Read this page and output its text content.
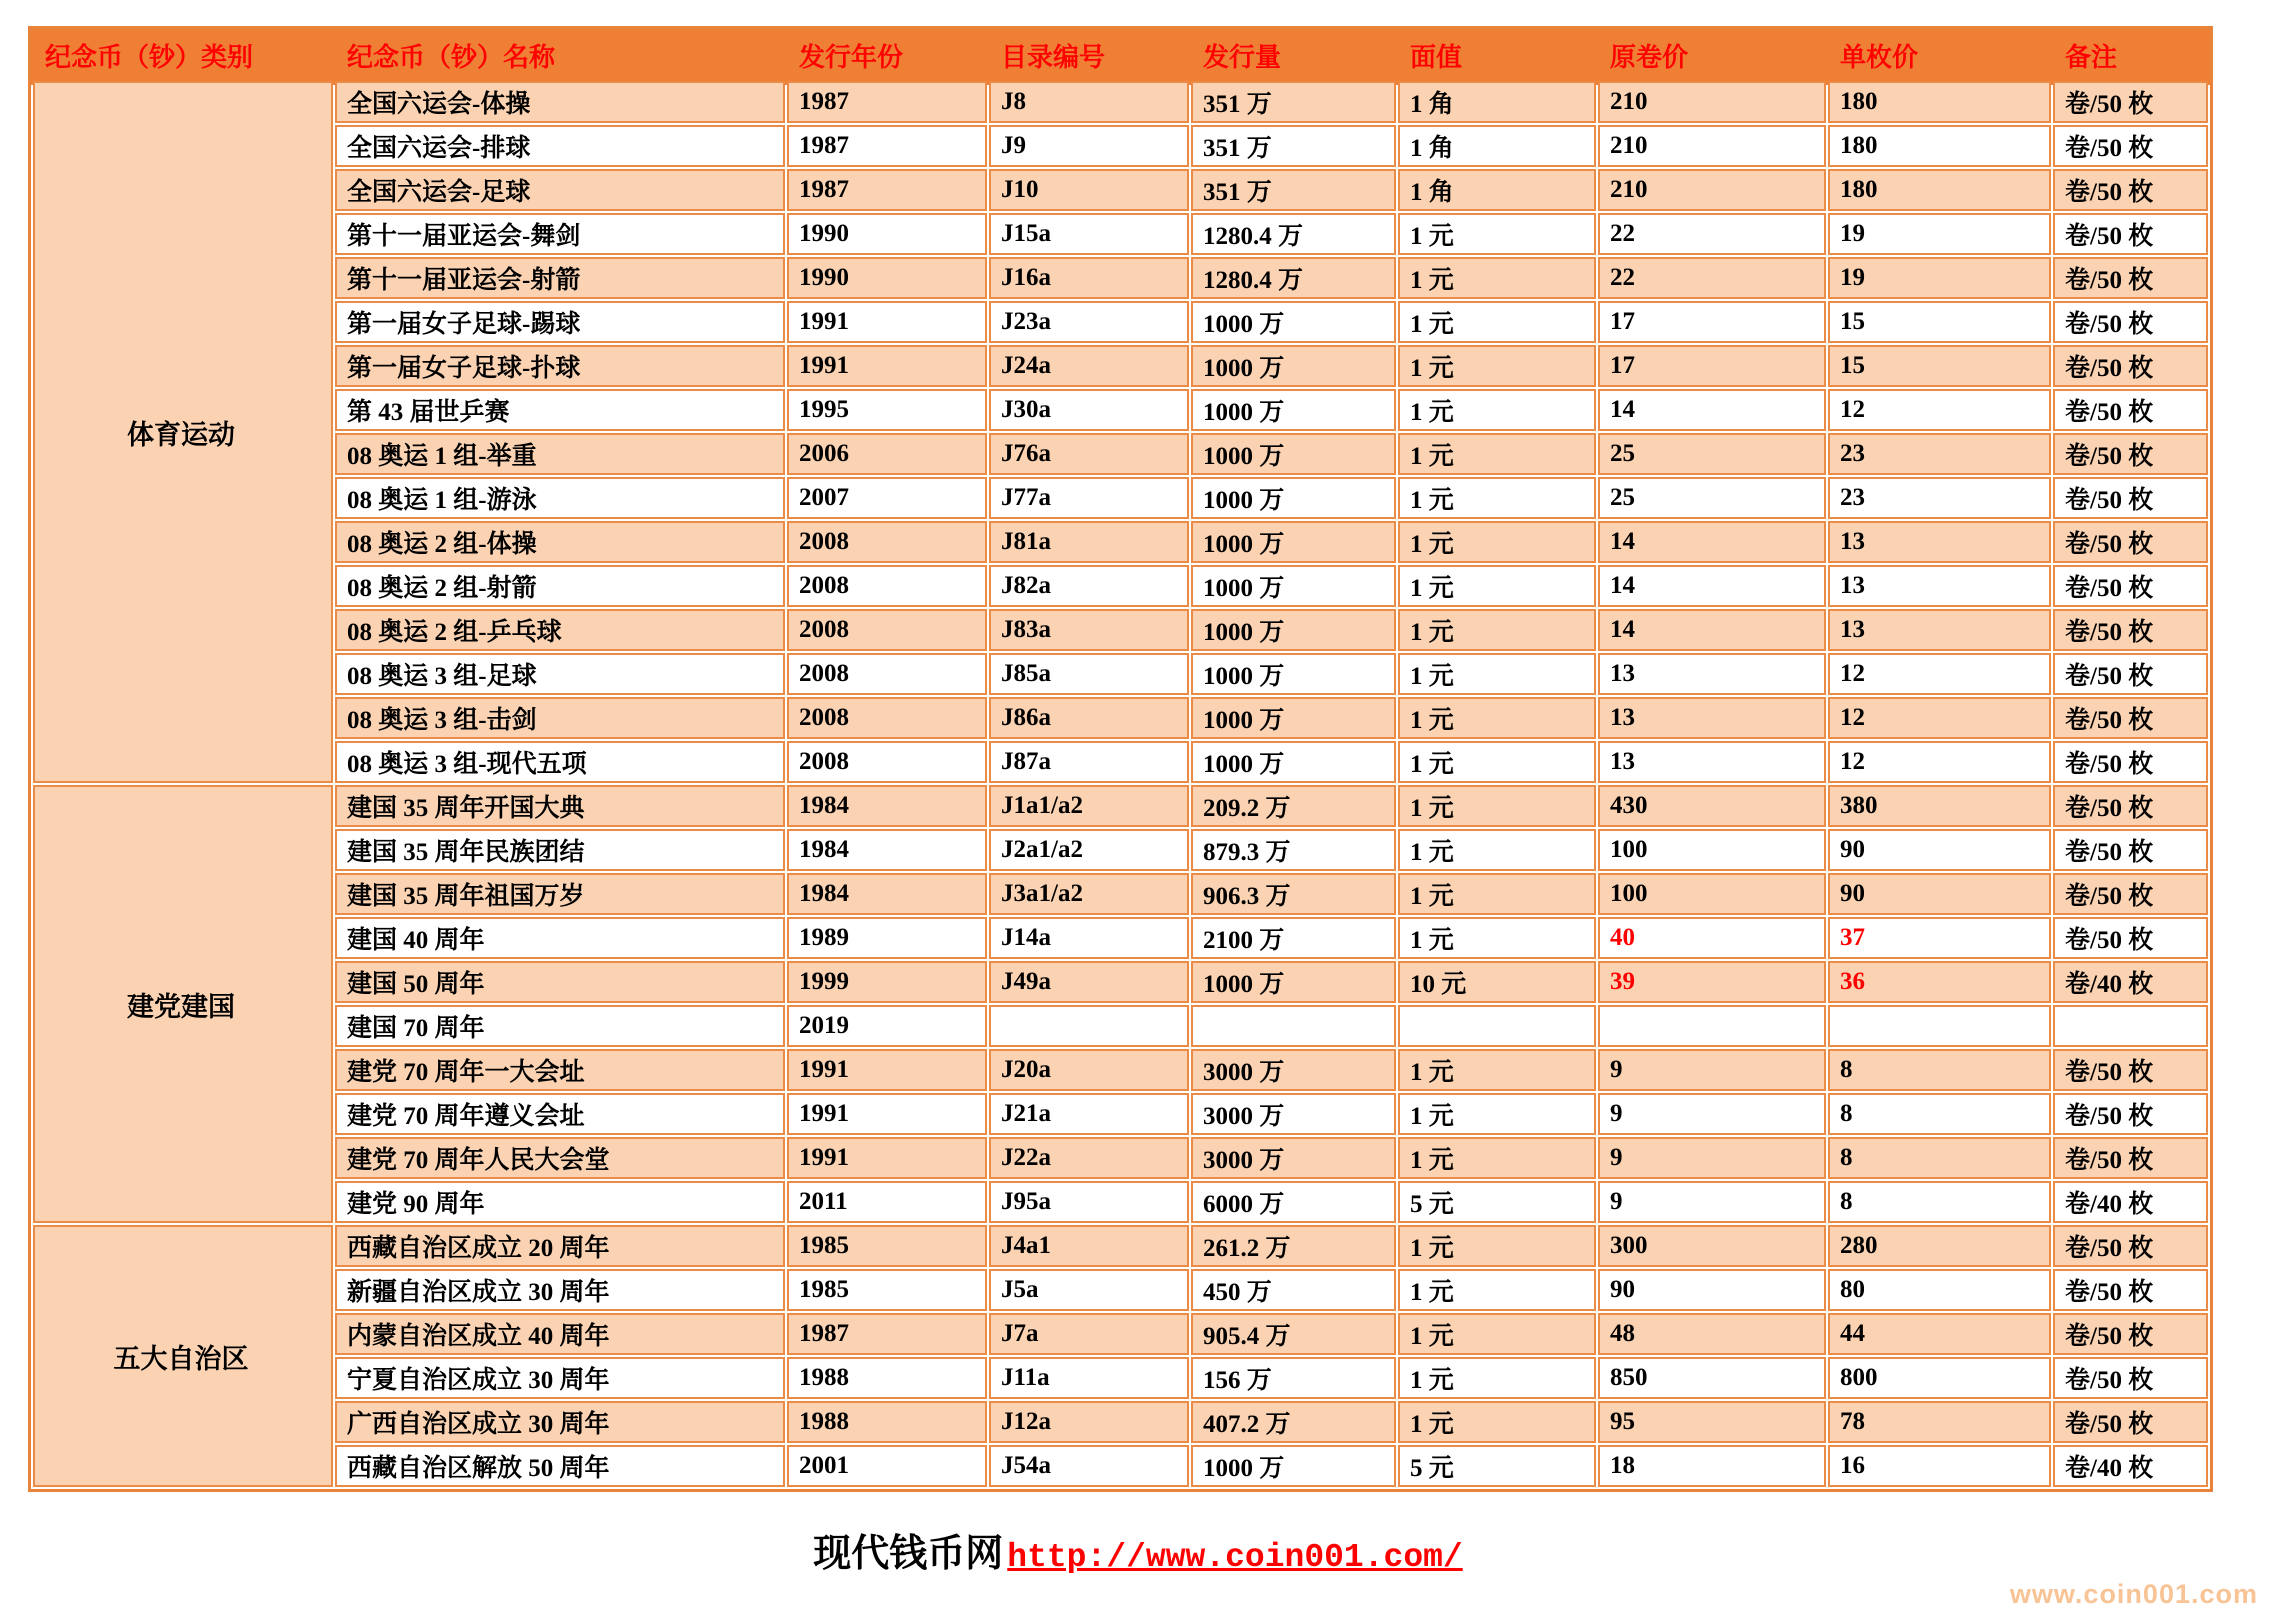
纪念币（钞）类别	纪念币（钞）名称	发行年份	目录编号	发行量	面值	原卷价	单枚价	备注
体育运动	全国六运会-体操	1987	J8	351 万	1 角	210	180	卷/50 枚
	全国六运会-排球	1987	J9	351 万	1 角	210	180	卷/50 枚
	全国六运会-足球	1987	J10	351 万	1 角	210	180	卷/50 枚
	第十一届亚运会-舞剑	1990	J15a	1280.4 万	1 元	22	19	卷/50 枚
	第十一届亚运会-射箭	1990	J16a	1280.4 万	1 元	22	19	卷/50 枚
	第一届女子足球-踢球	1991	J23a	1000 万	1 元	17	15	卷/50 枚
	第一届女子足球-扑球	1991	J24a	1000 万	1 元	17	15	卷/50 枚
	第 43 届世乒赛	1995	J30a	1000 万	1 元	14	12	卷/50 枚
	08 奥运 1 组-举重	2006	J76a	1000 万	1 元	25	23	卷/50 枚
	08 奥运 1 组-游泳	2007	J77a	1000 万	1 元	25	23	卷/50 枚
	08 奥运 2 组-体操	2008	J81a	1000 万	1 元	14	13	卷/50 枚
	08 奥运 2 组-射箭	2008	J82a	1000 万	1 元	14	13	卷/50 枚
	08 奥运 2 组-乒乓球	2008	J83a	1000 万	1 元	14	13	卷/50 枚
	08 奥运 3 组-足球	2008	J85a	1000 万	1 元	13	12	卷/50 枚
	08 奥运 3 组-击剑	2008	J86a	1000 万	1 元	13	12	卷/50 枚
	08 奥运 3 组-现代五项	2008	J87a	1000 万	1 元	13	12	卷/50 枚
建党建国	建国 35 周年开国大典	1984	J1a1/a2	209.2 万	1 元	430	380	卷/50 枚
	建国 35 周年民族团结	1984	J2a1/a2	879.3 万	1 元	100	90	卷/50 枚
	建国 35 周年祖国万岁	1984	J3a1/a2	906.3 万	1 元	100	90	卷/50 枚
	建国 40 周年	1989	J14a	2100 万	1 元	40	37	卷/50 枚
	建国 50 周年	1999	J49a	1000 万	10 元	39	36	卷/40 枚
	建国 70 周年	2019						
	建党 70 周年一大会址	1991	J20a	3000 万	1 元	9	8	卷/50 枚
	建党 70 周年遵义会址	1991	J21a	3000 万	1 元	9	8	卷/50 枚
	建党 70 周年人民大会堂	1991	J22a	3000 万	1 元	9	8	卷/50 枚
	建党 90 周年	2011	J95a	6000 万	5 元	9	8	卷/40 枚
五大自治区	西藏自治区成立 20 周年	1985	J4a1	261.2 万	1 元	300	280	卷/50 枚
	新疆自治区成立 30 周年	1985	J5a	450 万	1 元	90	80	卷/50 枚
	内蒙自治区成立 40 周年	1987	J7a	905.4 万	1 元	48	44	卷/50 枚
	宁夏自治区成立 30 周年	1988	J11a	156 万	1 元	850	800	卷/50 枚
	广西自治区成立 30 周年	1988	J12a	407.2 万	1 元	95	78	卷/50 枚
	西藏自治区解放 50 周年	2001	J54a	1000 万	5 元	18	16	卷/40 枚
现代钱币网 http://www.coin001.com/
www.coin001.com
